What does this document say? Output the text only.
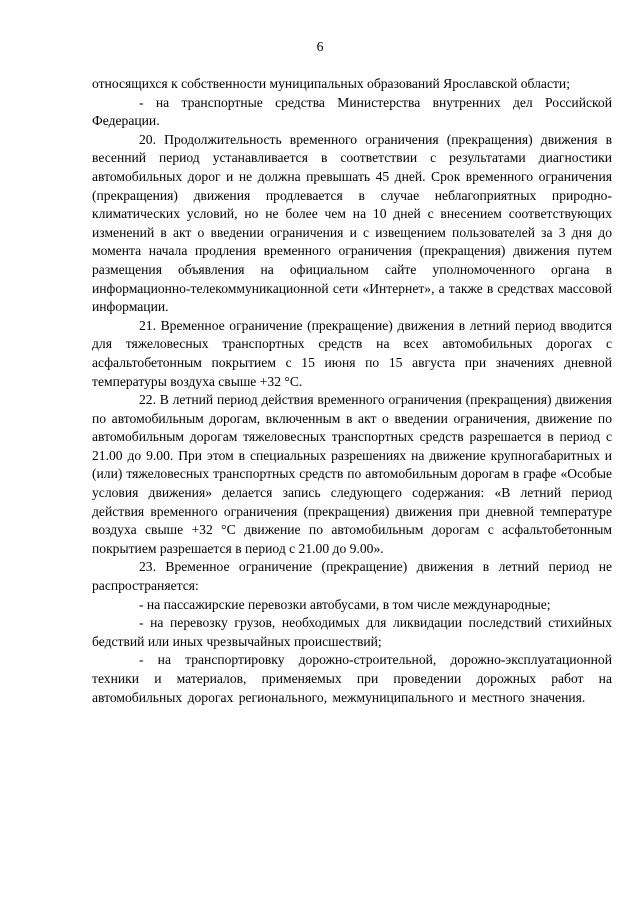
6

относящихся к собственности муниципальных образований Ярославской области;

- на транспортные средства Министерства внутренних дел Российской Федерации.

20. Продолжительность временного ограничения (прекращения) движения в весенний период устанавливается в соответствии с результатами диагностики автомобильных дорог и не должна превышать 45 дней. Срок временного ограничения (прекращения) движения продлевается в случае неблагоприятных природно-климатических условий, но не более чем на 10 дней с внесением соответствующих изменений в акт о введении ограничения и с извещением пользователей за 3 дня до момента начала продления временного ограничения (прекращения) движения путем размещения объявления на официальном сайте уполномоченного органа в информационно-телекоммуникационной сети «Интернет», а также в средствах массовой информации.

21. Временное ограничение (прекращение) движения в летний период вводится для тяжеловесных транспортных средств на всех автомобильных дорогах с асфальтобетонным покрытием с 15 июня по 15 августа при значениях дневной температуры воздуха свыше +32 °С.

22. В летний период действия временного ограничения (прекращения) движения по автомобильным дорогам, включенным в акт о введении ограничения, движение по автомобильным дорогам тяжеловесных транспортных средств разрешается в период с 21.00 до 9.00. При этом в специальных разрешениях на движение крупногабаритных и (или) тяжеловесных транспортных средств по автомобильным дорогам в графе «Особые условия движения» делается запись следующего содержания: «В летний период действия временного ограничения (прекращения) движения при дневной температуре воздуха свыше +32 °С движение по автомобильным дорогам с асфальтобетонным покрытием разрешается в период с 21.00 до 9.00».

23. Временное ограничение (прекращение) движения в летний период не распространяется:

- на пассажирские перевозки автобусами, в том числе международные;

- на перевозку грузов, необходимых для ликвидации последствий стихийных бедствий или иных чрезвычайных происшествий;

- на транспортировку дорожно-строительной, дорожно-эксплуатационной техники и материалов, применяемых при проведении дорожных работ на автомобильных дорогах регионального, межмуниципального и местного значения.
